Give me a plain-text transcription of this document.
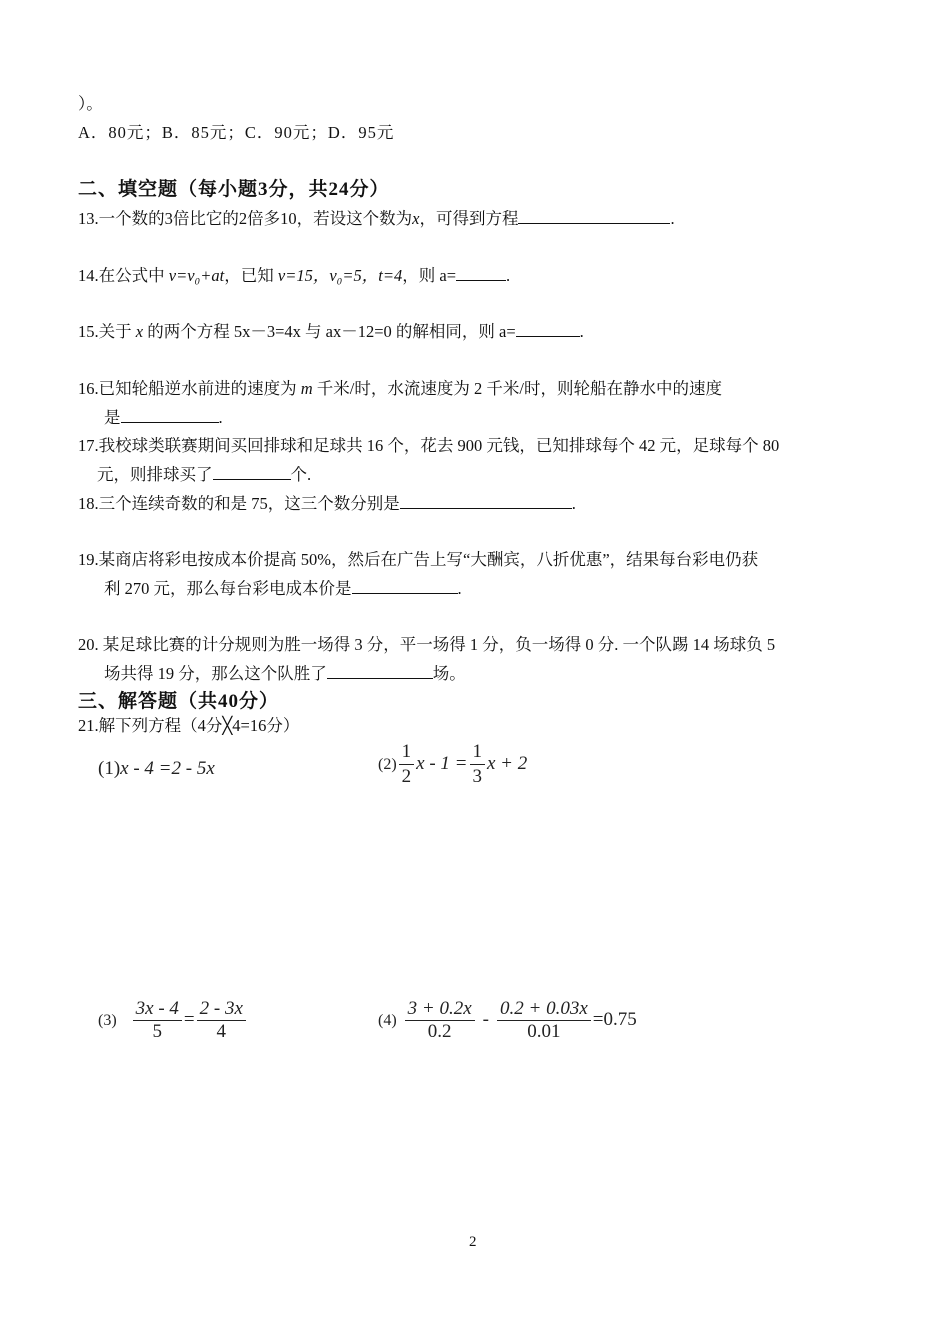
）。
A．80元；B．85元；C．90元；D．95元
二、填空题（每小题3分，共24分）
13.一个数的3倍比它的2倍多10，若设这个数为x，可得到方程	.
14.在公式中 v=v₀+at，已知 v=15，v₀=5，t=4，则 a=	.
15.关于 x 的两个方程 5x－3=4x 与 ax－12=0 的解相同，则 a=	.
16.已知轮船逆水前进的速度为 m 千米/时，水流速度为 2 千米/时，则轮船在静水中的速度
是	.
17.我校球类联赛期间买回排球和足球共 16 个，花去 900 元钱，已知排球每个 42 元，足球每个 80
元，则排球买了	个.
18.三个连续奇数的和是 75，这三个数分别是	.
19.某商店将彩电按成本价提高 50%，然后在广告上写“大酬宾，八折优惠”，结果每台彩电仍获
利 270 元，那么每台彩电成本价是	.
20. 某足球比赛的计分规则为胜一场得 3 分，平一场得 1 分，负一场得 0 分. 一个队踢 14 场球负 5
场共得 19 分，那么这个队胜了	场。
三、解答题（共40分）
21.解下列方程（4分╳4=16分）
(1)x - 4 =2 - 5x	$(2) \frac{1}{2}$ $x - 1 = \frac{1}{3}$ x + 2
$(3) \frac{3x - 4}{5} = \frac{2 - 3x}{4}$	$(4) \frac{3 + 0.2x}{0.2} - \frac{0.2 + 0.03x}{0.01} =0.75$
2
